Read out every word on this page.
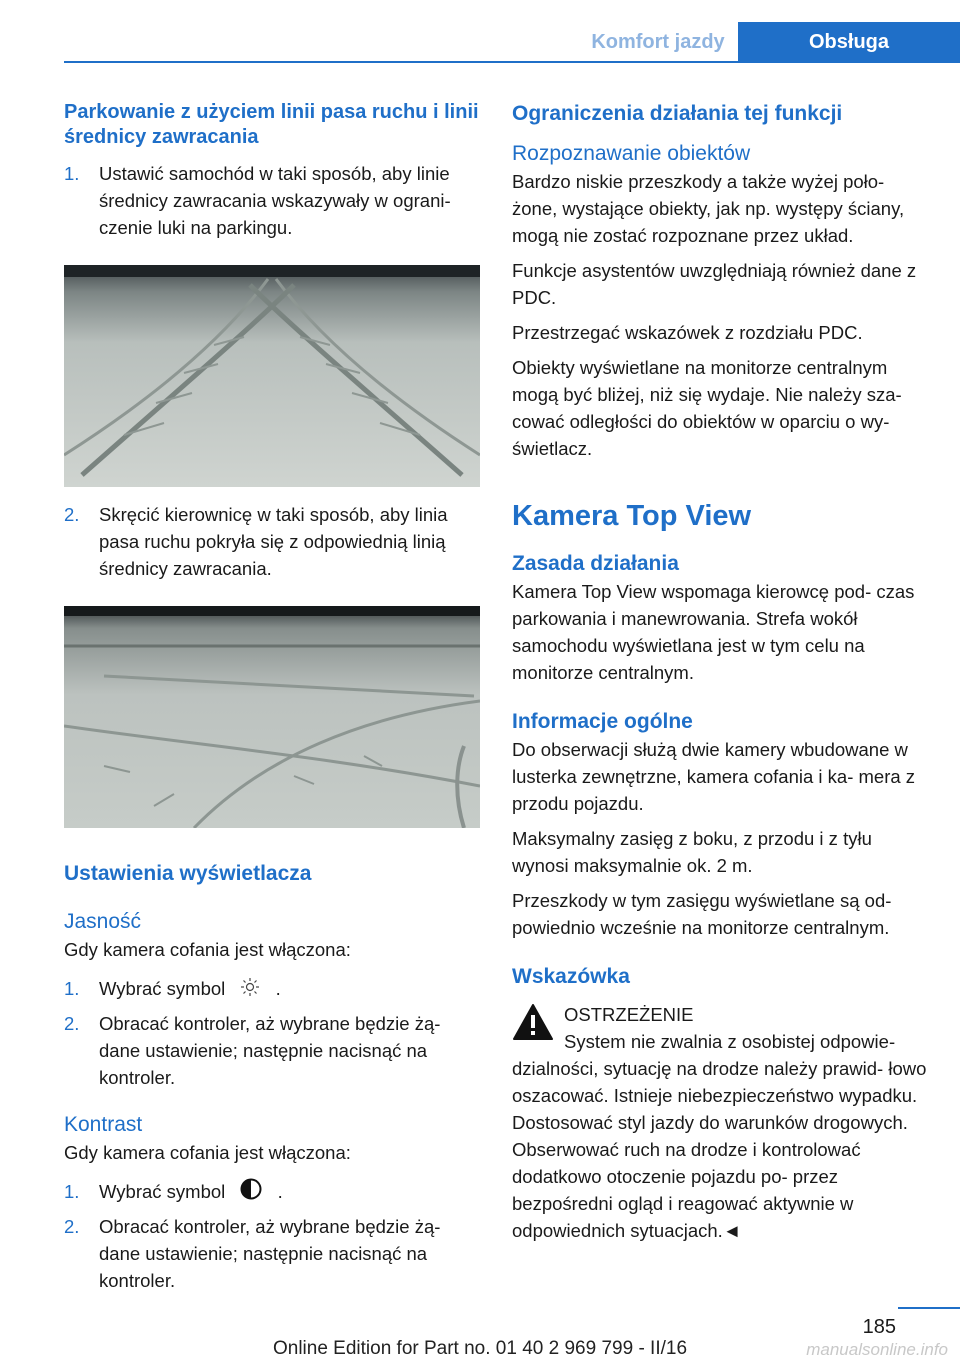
Komfort jazdy	Obsługa
Parkowanie z użyciem linii pasa ruchu i linii średnicy zawracania
1. Ustawić samochód w taki sposób, aby linie średnicy zawracania wskazywały w ograni‐ czenie luki na parkingu.
2. Skręcić kierownicę w taki sposób, aby linia pasa ruchu pokryła się z odpowiednią linią średnicy zawracania.
Ustawienia wyświetlacza
Jasność

Gdy kamera cofania jest włączona:

1. Wybrać symbol	.
2. Obracać kontroler, aż wybrane będzie żą‐ dane ustawienie; następnie nacisnąć na kontroler.
Kontrast

Gdy kamera cofania jest włączona:

1. Wybrać symbol	.
2. Obracać kontroler, aż wybrane będzie żą‐ dane ustawienie; następnie nacisnąć na kontroler.
Ograniczenia działania tej funkcji
Rozpoznawanie obiektów

Bardzo niskie przeszkody a także wyżej poło‐ żone, wystające obiekty, jak np. występy ściany, mogą nie zostać rozpoznane przez układ.

Funkcje asystentów uwzględniają również dane z PDC.

Przestrzegać wskazówek z rozdziału PDC.

Obiekty wyświetlane na monitorze centralnym mogą być bliżej, niż się wydaje. Nie należy sza‐ cować odległości do obiektów w oparciu o wy‐ świetlacz.

Kamera Top View
Zasada działania

Kamera Top View wspomaga kierowcę pod‐ czas parkowania i manewrowania. Strefa wokół samochodu wyświetlana jest w tym celu na monitorze centralnym.

Informacje ogólne

Do obserwacji służą dwie kamery wbudowane w lusterka zewnętrzne, kamera cofania i ka‐ mera z przodu pojazdu.

Maksymalny zasięg z boku, z przodu i z tyłu wynosi maksymalnie ok. 2 m.

Przeszkody w tym zasięgu wyświetlane są od‐ powiednio wcześnie na monitorze centralnym.

Wskazówka

OSTRZEŻENIE

System nie zwalnia z osobistej odpowie‐ dzialności, sytuację na drodze należy prawid‐ łowo oszacować. Istnieje niebezpieczeństwo wypadku. Dostosować styl jazdy do warunków drogowych. Obserwować ruch na drodze i kontrolować dodatkowo otoczenie pojazdu po‐ przez bezpośredni ogląd i reagować aktywnie w odpowiednich sytuacjach.◄

185
Online Edition for Part no. 01 40 2 969 799 - II/16	manualsonline.info
